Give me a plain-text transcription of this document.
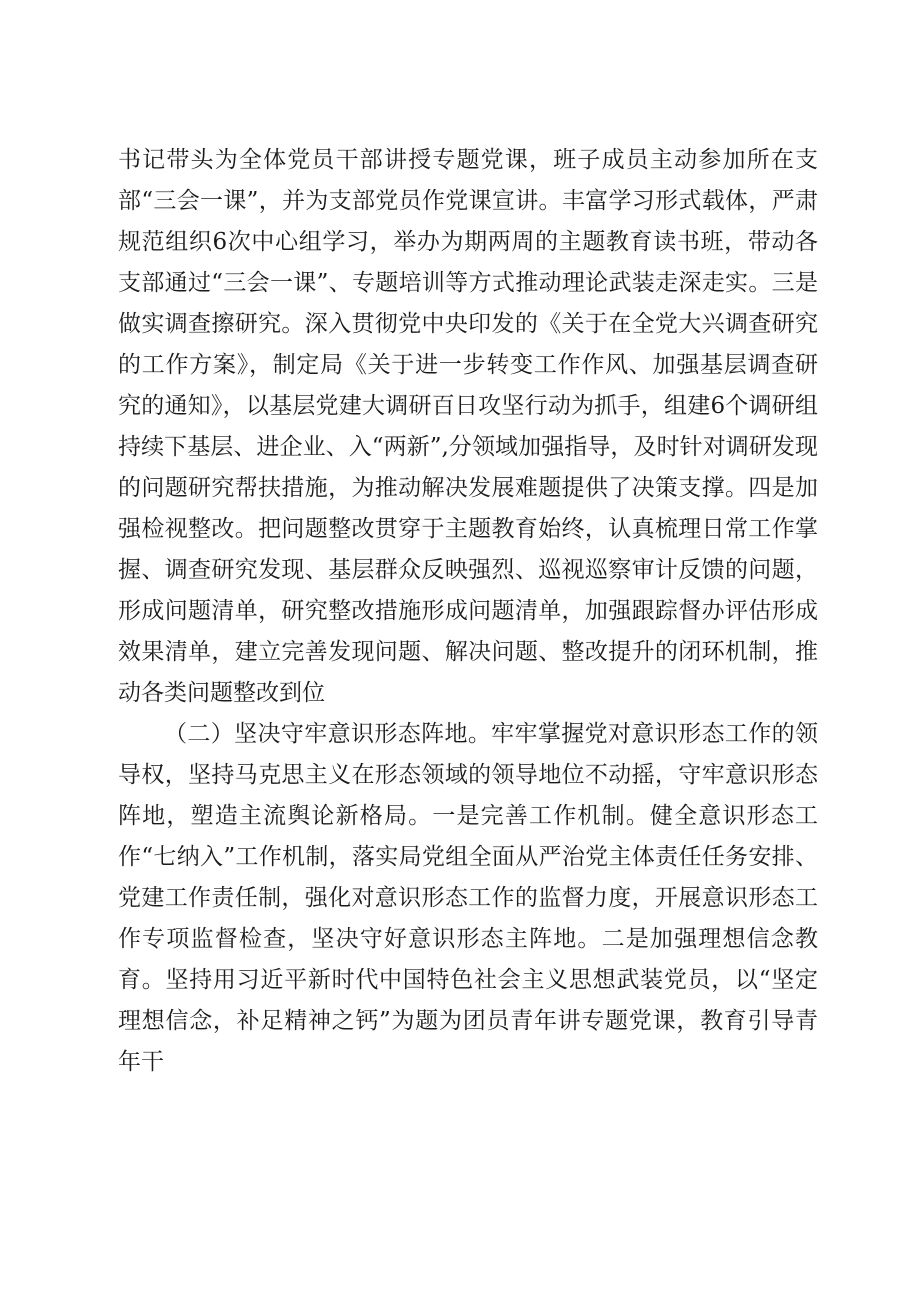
书记带头为全体党员干部讲授专题党课，班子成员主动参加所在支部“三会一课”，并为支部党员作党课宣讲。丰富学习形式载体，严肃规范组织6次中心组学习，举办为期两周的主题教育读书班，带动各支部通过“三会一课”、专题培训等方式推动理论武装走深走实。三是做实调查擦研究。深入贯彻党中央印发的《关于在全党大兴调查研究的工作方案》，制定局《关于进一步转变工作作风、加强基层调查研究的通知》，以基层党建大调研百日攻坚行动为抓手，组建6个调研组持续下基层、进企业、入“两新”,分领域加强指导，及时针对调研发现的问题研究帮扶措施，为推动解决发展难题提供了决策支撑。四是加强检视整改。把问题整改贯穿于主题教育始终，认真梳理日常工作掌握、调查研究发现、基层群众反映强烈、巡视巡察审计反馈的问题，形成问题清单，研究整改措施形成问题清单，加强跟踪督办评估形成效果清单，建立完善发现问题、解决问题、整改提升的闭环机制，推动各类问题整改到位

（二）坚决守牢意识形态阵地。牢牢掌握党对意识形态工作的领导权，坚持马克思主义在形态领域的领导地位不动摇，守牢意识形态阵地，塑造主流舆论新格局。一是完善工作机制。健全意识形态工作“七纳入”工作机制，落实局党组全面从严治党主体责任任务安排、党建工作责任制，强化对意识形态工作的监督力度，开展意识形态工作专项监督检查，坚决守好意识形态主阵地。二是加强理想信念教育。坚持用习近平新时代中国特色社会主义思想武装党员，以“坚定理想信念，补足精神之钙”为题为团员青年讲专题党课，教育引导青年干
